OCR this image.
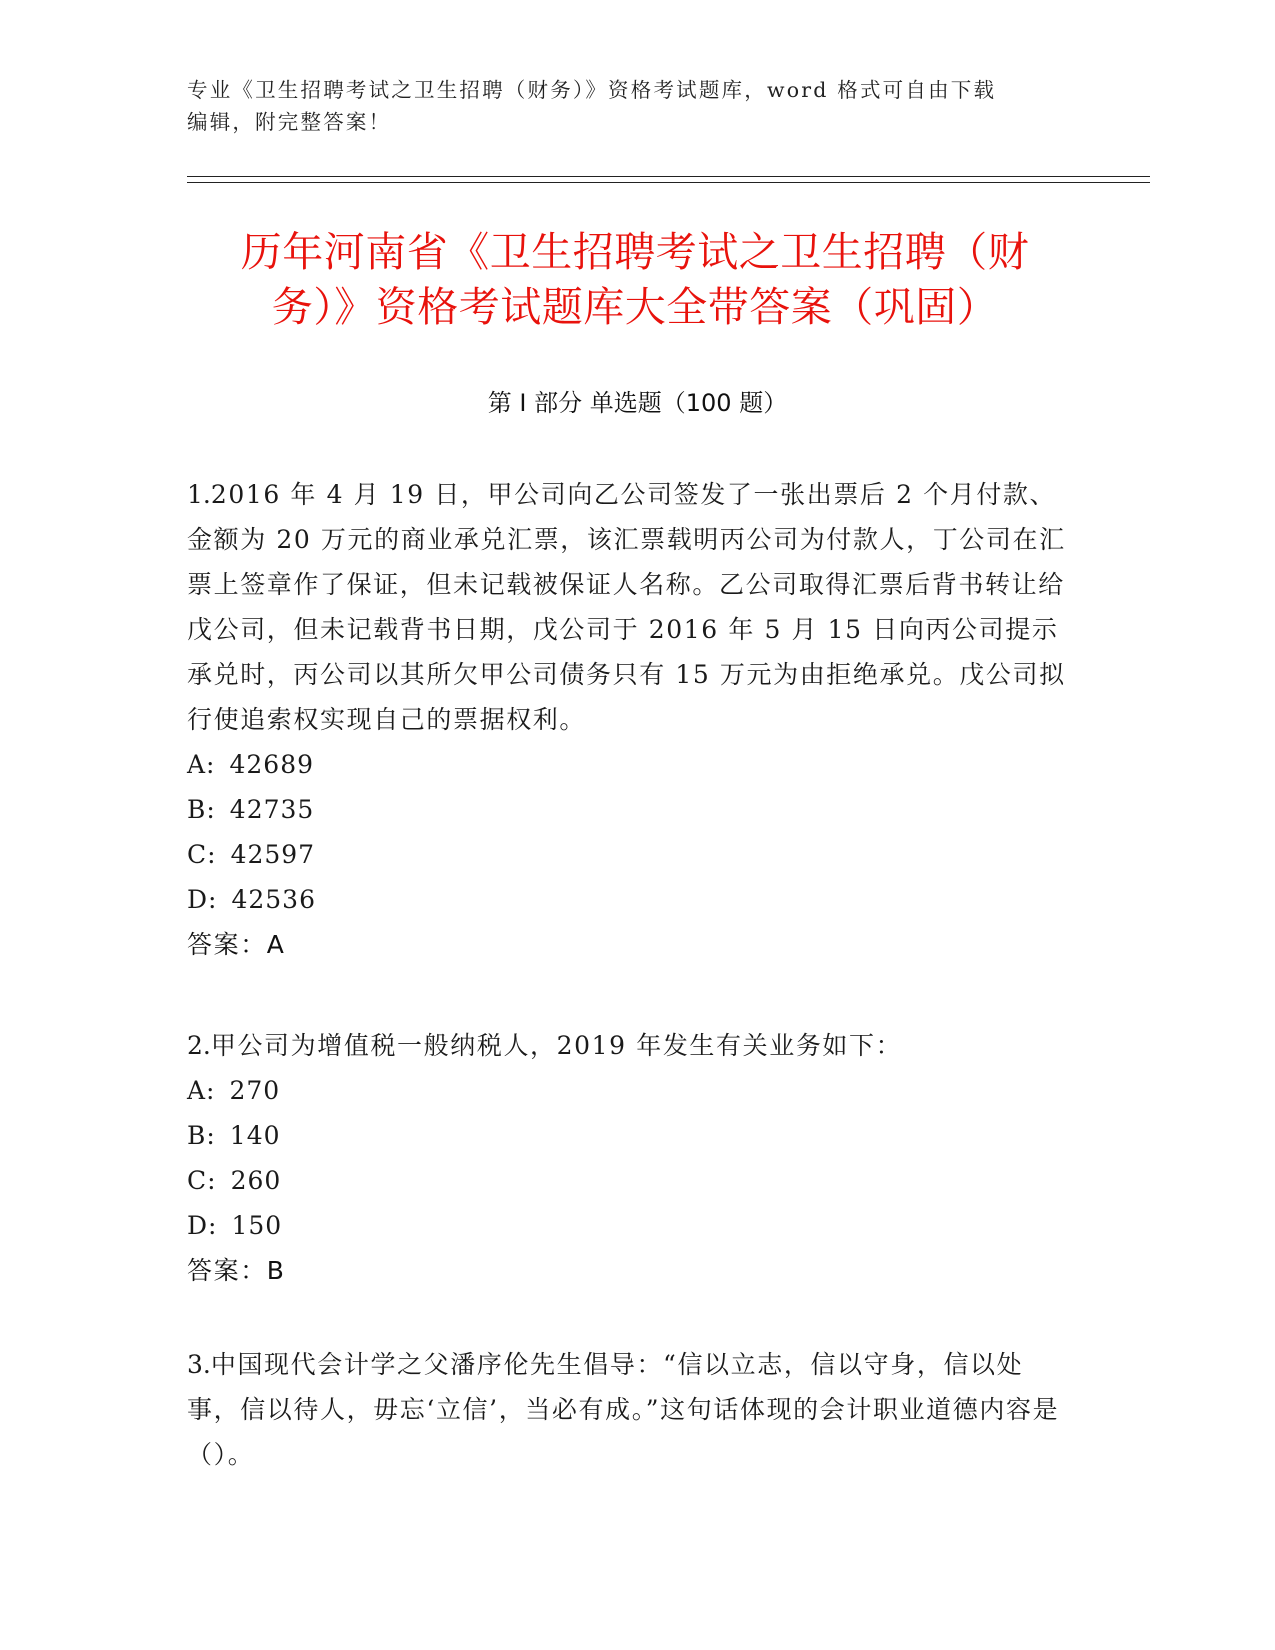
专业《卫生招聘考试之卫生招聘（财务）》资格考试题库，word 格式可自由下载
编辑，附完整答案！
历年河南省《卫生招聘考试之卫生招聘（财
务）》资格考试题库大全带答案（巩固）
第 I 部分 单选题（100 题）

1.2016 年 4 月 19 日，甲公司向乙公司签发了一张出票后 2 个月付款、金额为 20 万元的商业承兑汇票，该汇票载明丙公司为付款人，丁公司在汇票上签章作了保证，但未记载被保证人名称。乙公司取得汇票后背书转让给戊公司，但未记载背书日期，戊公司于 2016 年 5 月 15 日向丙公司提示承兑时，丙公司以其所欠甲公司债务只有 15 万元为由拒绝承兑。戊公司拟行使追索权实现自己的票据权利。

A: 42689
B: 42735
C: 42597
D: 42536
答案：A

2.甲公司为增值税一般纳税人，2019 年发生有关业务如下：

A: 270
B: 140
C: 260
D: 150
答案：B

3.中国现代会计学之父潘序伦先生倡导：“信以立志，信以守身，信以处事，信以待人，毋忘‘立信’，当必有成。”这句话体现的会计职业道德内容是（）。
